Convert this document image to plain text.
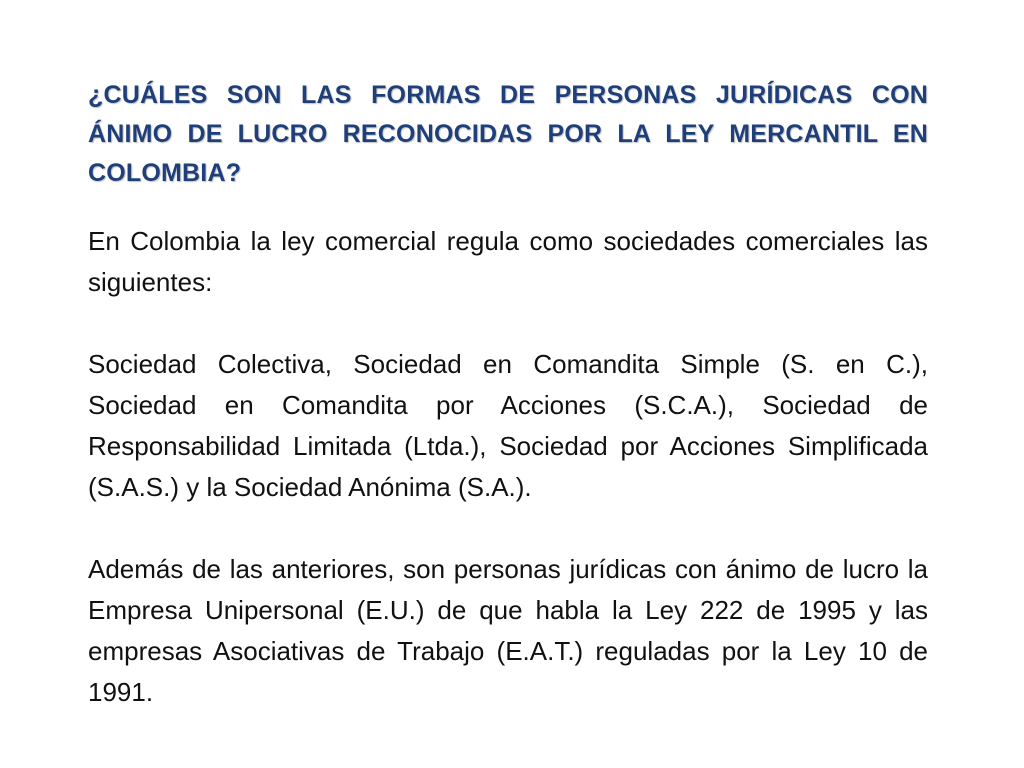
¿CUÁLES SON LAS FORMAS DE PERSONAS JURÍDICAS CON ÁNIMO DE LUCRO RECONOCIDAS POR LA LEY MERCANTIL EN COLOMBIA?

En Colombia la ley comercial regula como sociedades comerciales las siguientes:

Sociedad Colectiva, Sociedad en Comandita Simple (S. en C.), Sociedad en Comandita por Acciones (S.C.A.), Sociedad de Responsabilidad Limitada (Ltda.), Sociedad por Acciones Simplificada (S.A.S.) y la Sociedad Anónima (S.A.).

Además de las anteriores, son personas jurídicas con ánimo de lucro la Empresa Unipersonal (E.U.) de que habla la Ley 222 de 1995 y las empresas Asociativas de Trabajo (E.A.T.) reguladas por la Ley 10 de 1991.
